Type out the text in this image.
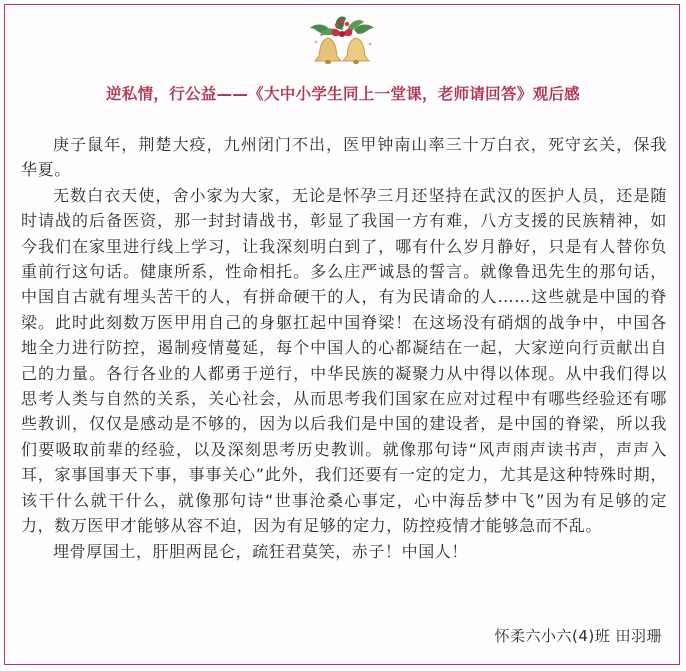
逆私情，行公益——《大中小学生同上一堂课，老师请回答》观后感

庚子鼠年，荆楚大疫，九州闭门不出，医甲钟南山率三十万白衣，死守玄关，保我华夏。

无数白衣天使，舍小家为大家，无论是怀孕三月还坚持在武汉的医护人员，还是随时请战的后备医资，那一封封请战书，彰显了我国一方有难，八方支援的民族精神，如今我们在家里进行线上学习，让我深刻明白到了，哪有什么岁月静好，只是有人替你负重前行这句话。健康所系，性命相托。多么庄严诚恳的誓言。就像鲁迅先生的那句话，中国自古就有埋头苦干的人，有拼命硬干的人，有为民请命的人……这些就是中国的脊梁。此时此刻数万医甲用自己的身躯扛起中国脊梁！在这场没有硝烟的战争中，中国各地全力进行防控，遏制疫情蔓延，每个中国人的心都凝结在一起，大家逆向行贡献出自己的力量。各行各业的人都勇于逆行，中华民族的凝聚力从中得以体现。从中我们得以思考人类与自然的关系，关心社会，从而思考我们国家在应对过程中有哪些经验还有哪些教训，仅仅是感动是不够的，因为以后我们是中国的建设者，是中国的脊梁，所以我们要吸取前辈的经验，以及深刻思考历史教训。就像那句诗“风声雨声读书声，声声入耳，家事国事天下事，事事关心”此外，我们还要有一定的定力，尤其是这种特殊时期，该干什么就干什么，就像那句诗“世事沧桑心事定，心中海岳梦中飞”因为有足够的定力，数万医甲才能够从容不迫，因为有足够的定力，防控疫情才能够急而不乱。

埋骨厚国土，肝胆两昆仑，疏狂君莫笑，赤子！中国人！

怀柔六小六(4)班 田羽珊
